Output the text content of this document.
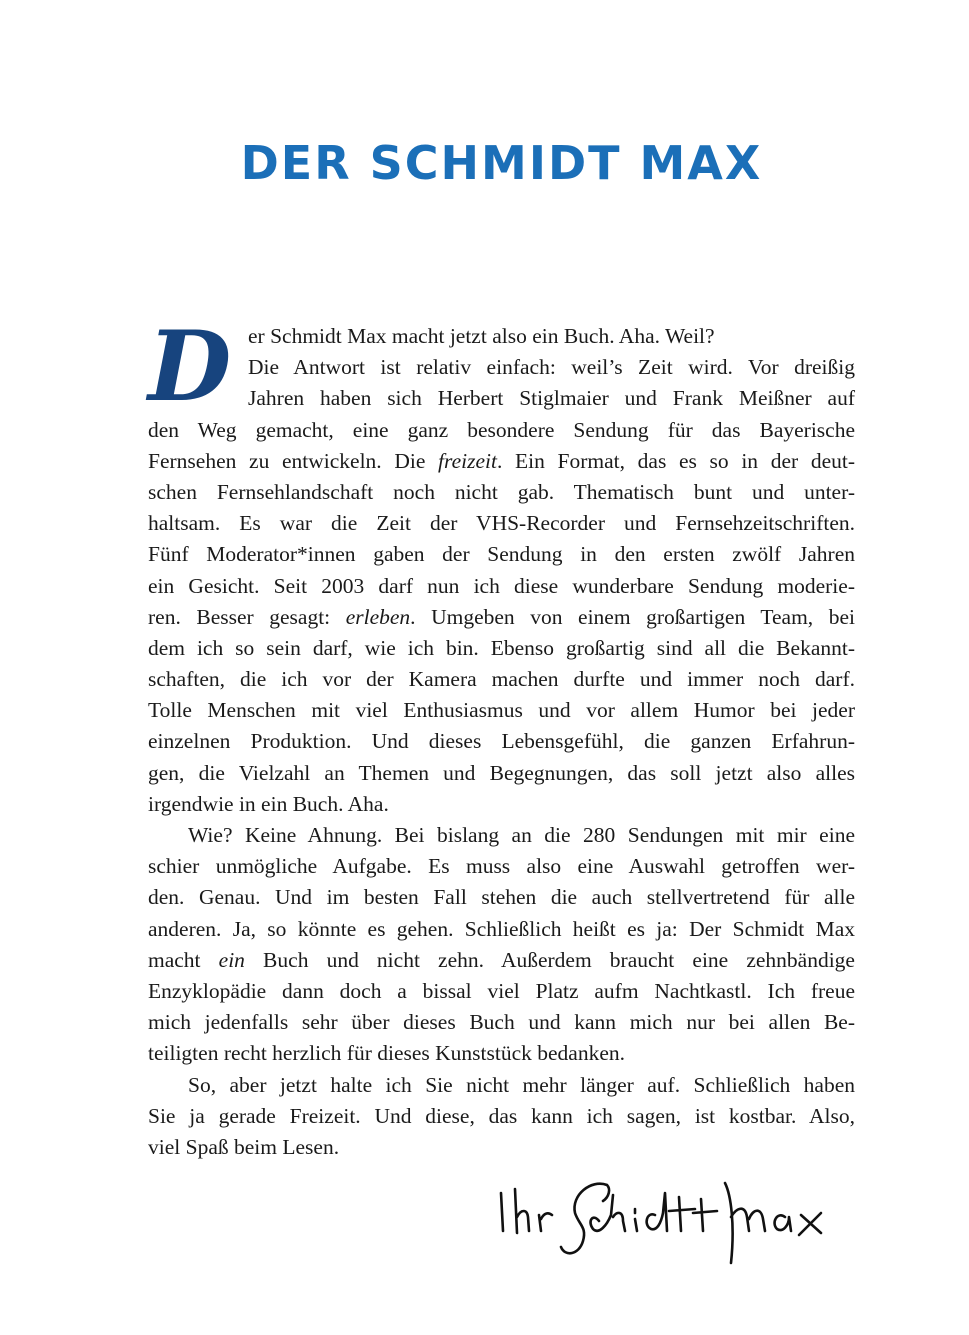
DER SCHMIDT MAX
D er Schmidt Max macht jetzt also ein Buch. Aha. Weil?
Die Antwort ist relativ einfach: weil’s Zeit wird. Vor dreißig
Jahren haben sich Herbert Stiglmaier und Frank Meißner auf
den Weg gemacht, eine ganz besondere Sendung für das Bayerische
Fernsehen zu entwickeln. Die freizeit. Ein Format, das es so in der deut-
schen Fernsehlandschaft noch nicht gab. Thematisch bunt und unter-
haltsam. Es war die Zeit der VHS-Recorder und Fernsehzeitschriften.
Fünf Moderator*innen gaben der Sendung in den ersten zwölf Jahren
ein Gesicht. Seit 2003 darf nun ich diese wunderbare Sendung moderie-
ren. Besser gesagt: erleben. Umgeben von einem großartigen Team, bei
dem ich so sein darf, wie ich bin. Ebenso großartig sind all die Bekannt-
schaften, die ich vor der Kamera machen durfte und immer noch darf.
Tolle Menschen mit viel Enthusiasmus und vor allem Humor bei jeder
einzelnen Produktion. Und dieses Lebensgefühl, die ganzen Erfahrun-
gen, die Vielzahl an Themen und Begegnungen, das soll jetzt also alles
irgendwie in ein Buch. Aha.
Wie? Keine Ahnung. Bei bislang an die 280 Sendungen mit mir eine
schier unmögliche Aufgabe. Es muss also eine Auswahl getroffen wer-
den. Genau. Und im besten Fall stehen die auch stellvertretend für alle
anderen. Ja, so könnte es gehen. Schließlich heißt es ja: Der Schmidt Max
macht ein Buch und nicht zehn. Außerdem braucht eine zehnbändige
Enzyklopädie dann doch a bissal viel Platz aufm Nachtkastl. Ich freue
mich jedenfalls sehr über dieses Buch und kann mich nur bei allen Be-
teiligten recht herzlich für dieses Kunststück bedanken.
So, aber jetzt halte ich Sie nicht mehr länger auf. Schließlich haben
Sie ja gerade Freizeit. Und diese, das kann ich sagen, ist kostbar. Also,
viel Spaß beim Lesen.
